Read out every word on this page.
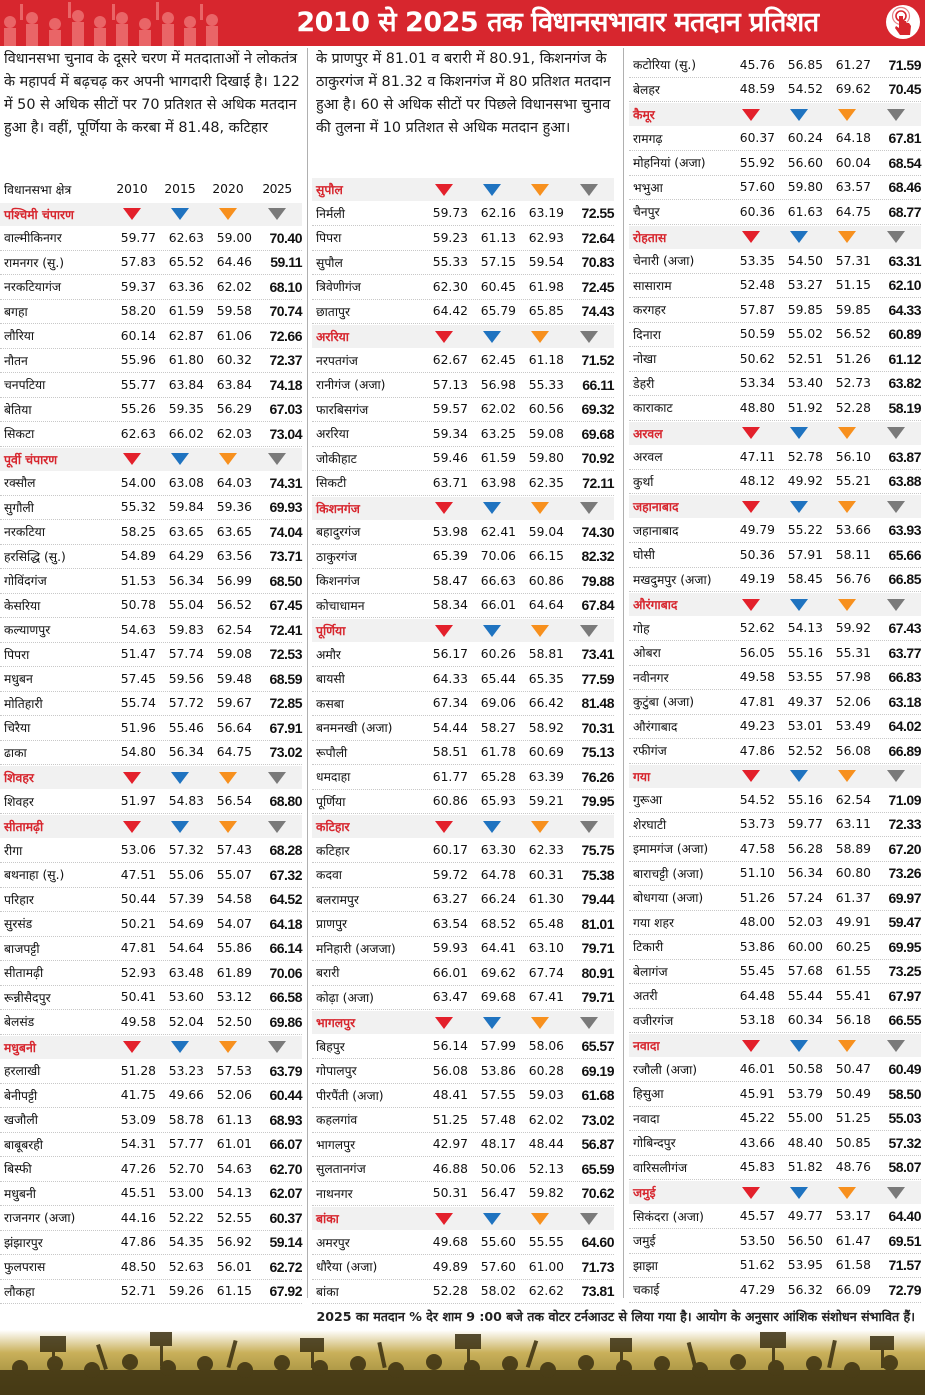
2010 से 2025 तक विधानसभावार मतदान प्रतिशत
विधानसभा चुनाव के दूसरे चरण में मतदाताओं ने लोकतंत्र के महापर्व में बढ़चढ़ कर अपनी भागदारी दिखाई है। 122 में 50 से अधिक सीटों पर 70 प्रतिशत से अधिक मतदान हुआ है। वहीं, पूर्णिया के करबा में 81.48, कटिहार
के प्राणपुर में 81.01 व बरारी में 80.91, किशनगंज के ठाकुरगंज में 81.32 व किशनगंज में 80 प्रतिशत मतदान हुआ है। 60 से अधिक सीटों पर पिछले विधानसभा चुनाव की तुलना में 10 प्रतिशत से अधिक मतदान हुआ।
विधानसभा क्षेत्र	2010	2015	2020	2025
पश्चिमी चंपारण
वाल्मीकिनगर	59.77	62.63	59.00	70.40
रामनगर (सु.)	57.83	65.52	64.46	59.11
नरकटियागंज	59.37	63.36	62.02	68.10
बगहा	58.20	61.59	59.58	70.74
लौरिया	60.14	62.87	61.06	72.66
नौतन	55.96	61.80	60.32	72.37
चनपटिया	55.77	63.84	63.84	74.18
बेतिया	55.26	59.35	56.29	67.03
सिकटा	62.63	66.02	62.03	73.04
पूर्वी चंपारण
रक्सौल	54.00	63.08	64.03	74.31
सुगौली	55.32	59.84	59.36	69.93
नरकटिया	58.25	63.65	63.65	74.04
हरसिद्धि (सु.)	54.89	64.29	63.56	73.71
गोविंदगंज	51.53	56.34	56.99	68.50
केसरिया	50.78	55.04	56.52	67.45
कल्याणपुर	54.63	59.83	62.54	72.41
पिपरा	51.47	57.74	59.08	72.53
मधुबन	57.45	59.56	59.48	68.59
मोतिहारी	55.74	57.72	59.67	72.85
चिरैया	51.96	55.46	56.64	67.91
ढाका	54.80	56.34	64.75	73.02
शिवहर
शिवहर	51.97	54.83	56.54	68.80
सीतामढ़ी
रीगा	53.06	57.32	57.43	68.28
बथनाहा (सु.)	47.51	55.06	55.07	67.32
परिहार	50.44	57.39	54.58	64.52
सुरसंड	50.21	54.69	54.07	64.18
बाजपट्टी	47.81	54.64	55.86	66.14
सीतामढ़ी	52.93	63.48	61.89	70.06
रून्नीसैदपुर	50.41	53.60	53.12	66.58
बेलसंड	49.58	52.04	52.50	69.86
मधुबनी
हरलाखी	51.28	53.23	57.53	63.79
बेनीपट्टी	41.75	49.66	52.06	60.44
खजौली	53.09	58.78	61.13	68.93
बाबूबरही	54.31	57.77	61.01	66.07
बिस्फी	47.26	52.70	54.63	62.70
मधुबनी	45.51	53.00	54.13	62.07
राजनगर (अजा)	44.16	52.22	52.55	60.37
झंझारपुर	47.86	54.35	56.92	59.14
फुलपरास	48.50	52.63	56.01	62.72
लौकहा	52.71	59.26	61.15	67.92
सुपौल
निर्मली	59.73	62.16	63.19	72.55
पिपरा	59.23	61.13	62.93	72.64
सुपौल	55.33	57.15	59.54	70.83
त्रिवेणीगंज	62.30	60.45	61.98	72.45
छातापुर	64.42	65.79	65.85	74.43
अररिया
नरपतगंज	62.67	62.45	61.18	71.52
रानीगंज (अजा)	57.13	56.98	55.33	66.11
फारबिसगंज	59.57	62.02	60.56	69.32
अररिया	59.34	63.25	59.08	69.68
जोकीहाट	59.46	61.59	59.80	70.92
सिकटी	63.71	63.98	62.35	72.11
किशनगंज
बहादुरगंज	53.98	62.41	59.04	74.30
ठाकुरगंज	65.39	70.06	66.15	82.32
किशनगंज	58.47	66.63	60.86	79.88
कोचाधामन	58.34	66.01	64.64	67.84
पूर्णिया
अमौर	56.17	60.26	58.81	73.41
बायसी	64.33	65.44	65.35	77.59
कसबा	67.34	69.06	66.42	81.48
बनमनखी (अजा)	54.44	58.27	58.92	70.31
रूपौली	58.51	61.78	60.69	75.13
धमदाहा	61.77	65.28	63.39	76.26
पूर्णिया	60.86	65.93	59.21	79.95
कटिहार
कटिहार	60.17	63.30	62.33	75.75
कदवा	59.72	64.78	60.31	75.38
बलरामपुर	63.27	66.24	61.30	79.44
प्राणपुर	63.54	68.52	65.48	81.01
मनिहारी (अजजा)	59.93	64.41	63.10	79.71
बरारी	66.01	69.62	67.74	80.91
कोढ़ा (अजा)	63.47	69.68	67.41	79.71
भागलपुर
बिहपुर	56.14	57.99	58.06	65.57
गोपालपुर	56.08	53.86	60.28	69.19
पीरपैंती (अजा)	48.41	57.55	59.03	61.68
कहलगांव	51.25	57.48	62.02	73.02
भागलपुर	42.97	48.17	48.44	56.87
सुलतानगंज	46.88	50.06	52.13	65.59
नाथनगर	50.31	56.47	59.82	70.62
बांका
अमरपुर	49.68	55.60	55.55	64.60
धौरैया (अजा)	49.89	57.60	61.00	71.73
बांका	52.28	58.02	62.62	73.81
कटोरिया (सु.)	45.76	56.85	61.27	71.59
बेलहर	48.59	54.52	69.62	70.45
कैमूर
रामगढ़	60.37	60.24	64.18	67.81
मोहनियां (अजा)	55.92	56.60	60.04	68.54
भभुआ	57.60	59.80	63.57	68.46
चैनपुर	60.36	61.63	64.75	68.77
रोहतास
चेनारी (अजा)	53.35	54.50	57.31	63.31
सासाराम	52.48	53.27	51.15	62.10
करगहर	57.87	59.85	59.85	64.33
दिनारा	50.59	55.02	56.52	60.89
नोखा	50.62	52.51	51.26	61.12
डेहरी	53.34	53.40	52.73	63.82
काराकाट	48.80	51.92	52.28	58.19
अरवल
अरवल	47.11	52.78	56.10	63.87
कुर्था	48.12	49.92	55.21	63.88
जहानाबाद
जहानाबाद	49.79	55.22	53.66	63.93
घोसी	50.36	57.91	58.11	65.66
मखदुमपुर (अजा)	49.19	58.45	56.76	66.85
औरंगाबाद
गोह	52.62	54.13	59.92	67.43
ओबरा	56.05	55.16	55.31	63.77
नवीनगर	49.58	53.55	57.98	66.83
कुटुंबा (अजा)	47.81	49.37	52.06	63.18
औरंगाबाद	49.23	53.01	53.49	64.02
रफीगंज	47.86	52.52	56.08	66.89
गया
गुरूआ	54.52	55.16	62.54	71.09
शेरघाटी	53.73	59.77	63.11	72.33
इमामगंज (अजा)	47.58	56.28	58.89	67.20
बाराचट्टी (अजा)	51.10	56.34	60.80	73.26
बोधगया (अजा)	51.26	57.24	61.37	69.97
गया शहर	48.00	52.03	49.91	59.47
टिकारी	53.86	60.00	60.25	69.95
बेलागंज	55.45	57.68	61.55	73.25
अतरी	64.48	55.44	55.41	67.97
वजीरगंज	53.18	60.34	56.18	66.55
नवादा
रजौली (अजा)	46.01	50.58	50.47	60.49
हिसुआ	45.91	53.79	50.49	58.50
नवादा	45.22	55.00	51.25	55.03
गोबिन्दपुर	43.66	48.40	50.85	57.32
वारिसलीगंज	45.83	51.82	48.76	58.07
जमुई
सिकंदरा (अजा)	45.57	49.77	53.17	64.40
जमुई	53.50	56.50	61.47	69.51
झाझा	51.62	53.95	61.58	71.57
चकाई	47.29	56.32	66.09	72.79
2025 का मतदान % देर शाम 9 :00 बजे तक वोटर टर्नआउट से लिया गया है। आयोग के अनुसार आंशिक संशोधन संभावित हैं।
